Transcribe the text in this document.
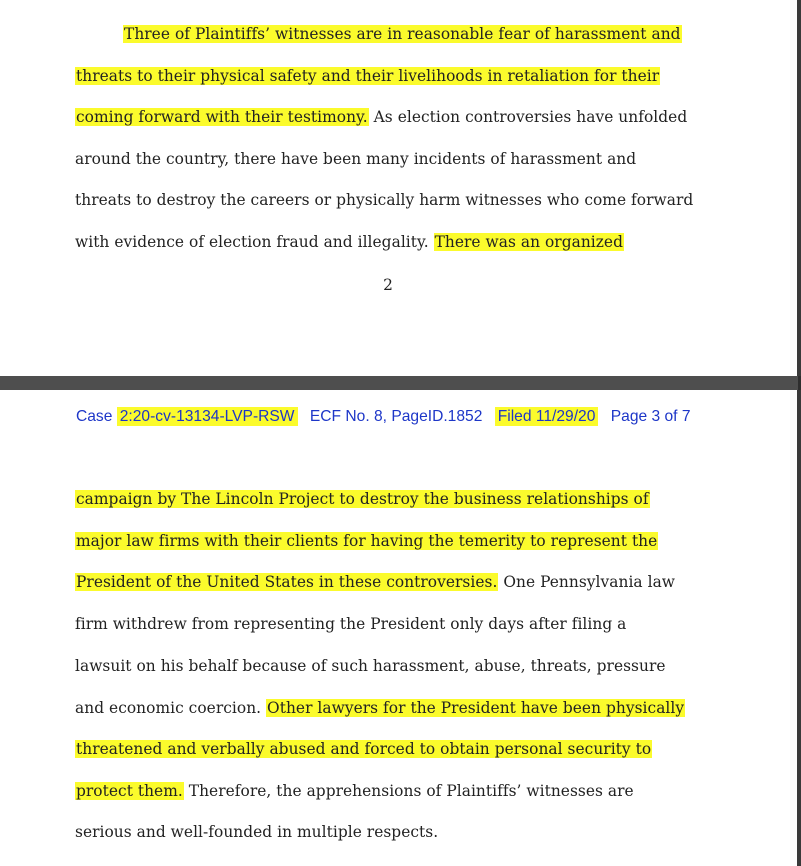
Three of Plaintiffs’ witnesses are in reasonable fear of harassment and
threats to their physical safety and their livelihoods in retaliation for their
coming forward with their testimony. As election controversies have unfolded
around the country, there have been many incidents of harassment and
threats to destroy the careers or physically harm witnesses who come forward
with evidence of election fraud and illegality. There was an organized
2
Case 2:20-cv-13134-LVP-RSW ECF No. 8, PageID.1852 Filed 11/29/20 Page 3 of 7
campaign by The Lincoln Project to destroy the business relationships of
major law firms with their clients for having the temerity to represent the
President of the United States in these controversies. One Pennsylvania law
firm withdrew from representing the President only days after filing a
lawsuit on his behalf because of such harassment, abuse, threats, pressure
and economic coercion. Other lawyers for the President have been physically
threatened and verbally abused and forced to obtain personal security to
protect them. Therefore, the apprehensions of Plaintiffs’ witnesses are
serious and well-founded in multiple respects.
